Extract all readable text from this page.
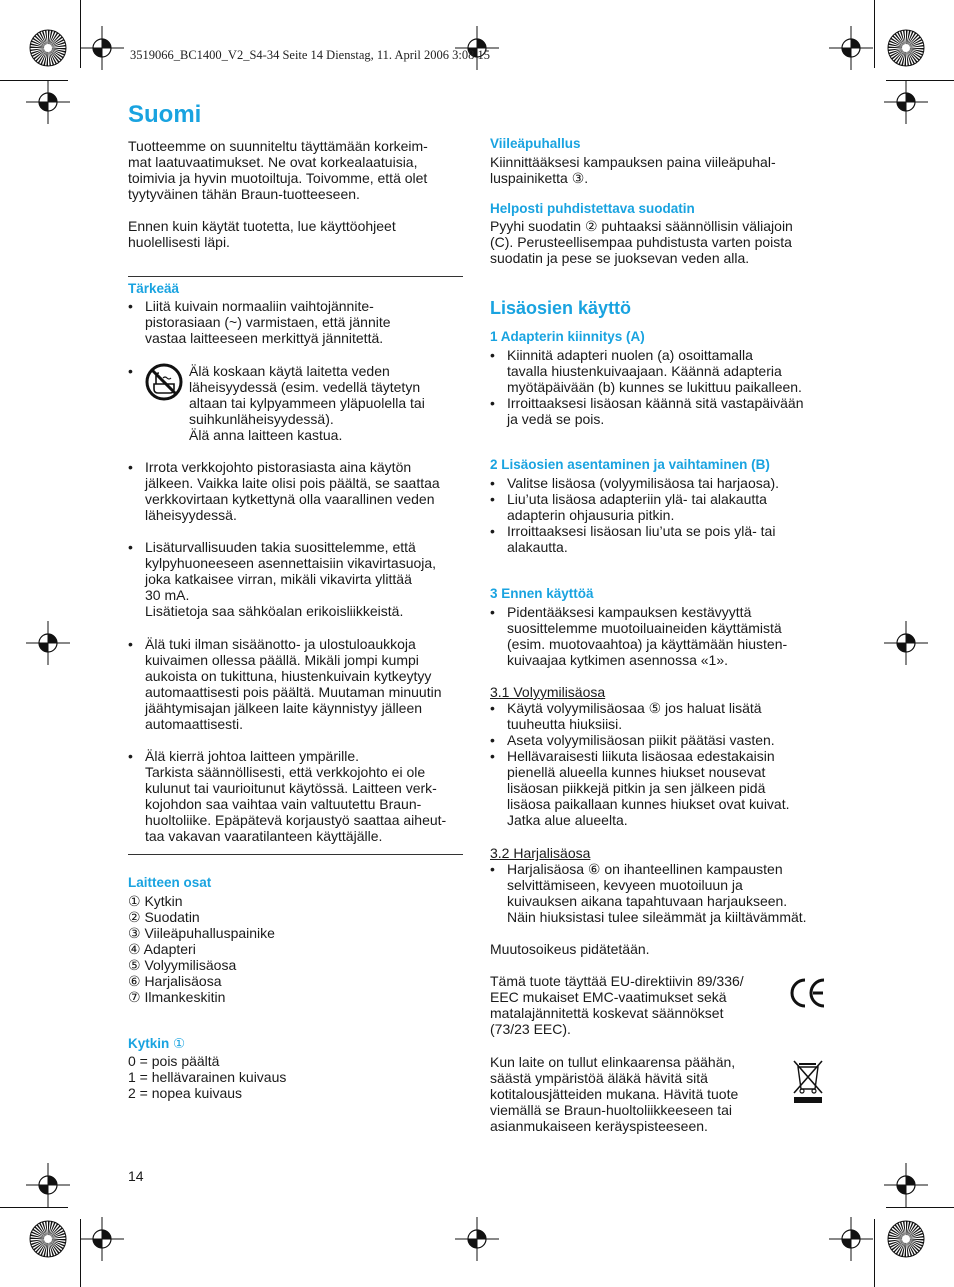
3519066_BC1400_V2_S4-34 Seite 14 Dienstag, 11. April 2006 3:08 15
Suomi
Tuotteemme on suunniteltu täyttämään korkeim-
mat laatuvaatimukset. Ne ovat korkealaatuisia,
toimivia ja hyvin muotoiltuja. Toivomme, että olet
tyytyväinen tähän Braun-tuotteeseen.
Ennen kuin käytät tuotetta, lue käyttöohjeet
huolellisesti läpi.
Tärkeää
• Liitä kuivain normaaliin vaihtojännite-
pistorasiaan (~) varmistaen, että jännite
vastaa laitteeseen merkittyä jännitettä.
•	Älä koskaan käytä laitetta veden
läheisyydessä (esim. vedellä täytetyn
altaan tai kylpyammeen yläpuolella tai
suihkunläheisyydessä).
Älä anna laitteen kastua.
• Irrota verkkojohto pistorasiasta aina käytön
jälkeen. Vaikka laite olisi pois päältä, se saattaa
verkkovirtaan kytkettynä olla vaarallinen veden
läheisyydessä.
• Lisäturvallisuuden takia suosittelemme, että
kylpyhuoneeseen asennettaisiin vikavirtasuoja,
joka katkaisee virran, mikäli vikavirta ylittää
30 mA.
Lisätietoja saa sähköalan erikoisliikkeistä.
• Älä tuki ilman sisäänotto- ja ulostuloaukkoja
kuivaimen ollessa päällä. Mikäli jompi kumpi
aukoista on tukittuna, hiustenkuivain kytkeytyy
automaattisesti pois päältä. Muutaman minuutin
jäähtymisajan jälkeen laite käynnistyy jälleen
automaattisesti.
• Älä kierrä johtoa laitteen ympärille.
Tarkista säännöllisesti, että verkkojohto ei ole
kulunut tai vaurioitunut käytössä. Laitteen verk-
kojohdon saa vaihtaa vain valtuutettu Braun-
huoltoliike. Epäpätevä korjaustyö saattaa aiheut-
taa vakavan vaaratilanteen käyttäjälle.
Laitteen osat
① Kytkin
② Suodatin
③ Viileäpuhalluspainike
④ Adapteri
⑤ Volyymilisäosa
⑥ Harjalisäosa
⑦ Ilmankeskitin
Kytkin ①
0 = pois päältä
1 = hellävarainen kuivaus
2 = nopea kuivaus
14
Viileäpuhallus
Kiinnittääksesi kampauksen paina viileäpuhal-
luspainiketta ③.
Helposti puhdistettava suodatin
Pyyhi suodatin ② puhtaaksi säännöllisin väliajoin
(C). Perusteellisempaa puhdistusta varten poista
suodatin ja pese se juoksevan veden alla.
Lisäosien käyttö
1 Adapterin kiinnitys (A)
• Kiinnitä adapteri nuolen (a) osoittamalla
tavalla hiustenkuivaajaan. Käännä adapteria
myötäpäivään (b) kunnes se lukittuu paikalleen.
• Irroittaaksesi lisäosan käännä sitä vastapäivään
ja vedä se pois.
2 Lisäosien asentaminen ja vaihtaminen (B)
• Valitse lisäosa (volyymilisäosa tai harjaosa).
• Liu’uta lisäosa adapteriin ylä- tai alakautta
adapterin ohjausuria pitkin.
• Irroittaaksesi lisäosan liu’uta se pois ylä- tai
alakautta.
3 Ennen käyttöä
• Pidentääksesi kampauksen kestävyyttä
suosittelemme muotoiluaineiden käyttämistä
(esim. muotovaahtoa) ja käyttämään hiusten-
kuivaajaa kytkimen asennossa «1».
3.1 Volyymilisäosa
• Käytä volyymilisäosaa ⑤ jos haluat lisätä
tuuheutta hiuksiisi.
• Aseta volyymilisäosan piikit päätäsi vasten.
• Hellävaraisesti liikuta lisäosaa edestakaisin
pienellä alueella kunnes hiukset nousevat
lisäosan piikkejä pitkin ja sen jälkeen pidä
lisäosa paikallaan kunnes hiukset ovat kuivat.
Jatka alue alueelta.
3.2 Harjalisäosa
• Harjalisäosa ⑥ on ihanteellinen kampausten
selvittämiseen, kevyeen muotoiluun ja
kuivauksen aikana tapahtuvaan harjaukseen.
Näin hiuksistasi tulee sileämmät ja kiiltävämmät.
Muutosoikeus pidätetään.
Tämä tuote täyttää EU-direktiivin 89/336/
EEC mukaiset EMC-vaatimukset sekä
matalajännitettä koskevat säännökset
(73/23 EEC).
Kun laite on tullut elinkaarensa päähän,
säästä ympäristöä äläkä hävitä sitä
kotitalousjätteiden mukana. Hävitä tuote
viemällä se Braun-huoltoliikkeeseen tai
asianmukaiseen keräyspisteeseen.
